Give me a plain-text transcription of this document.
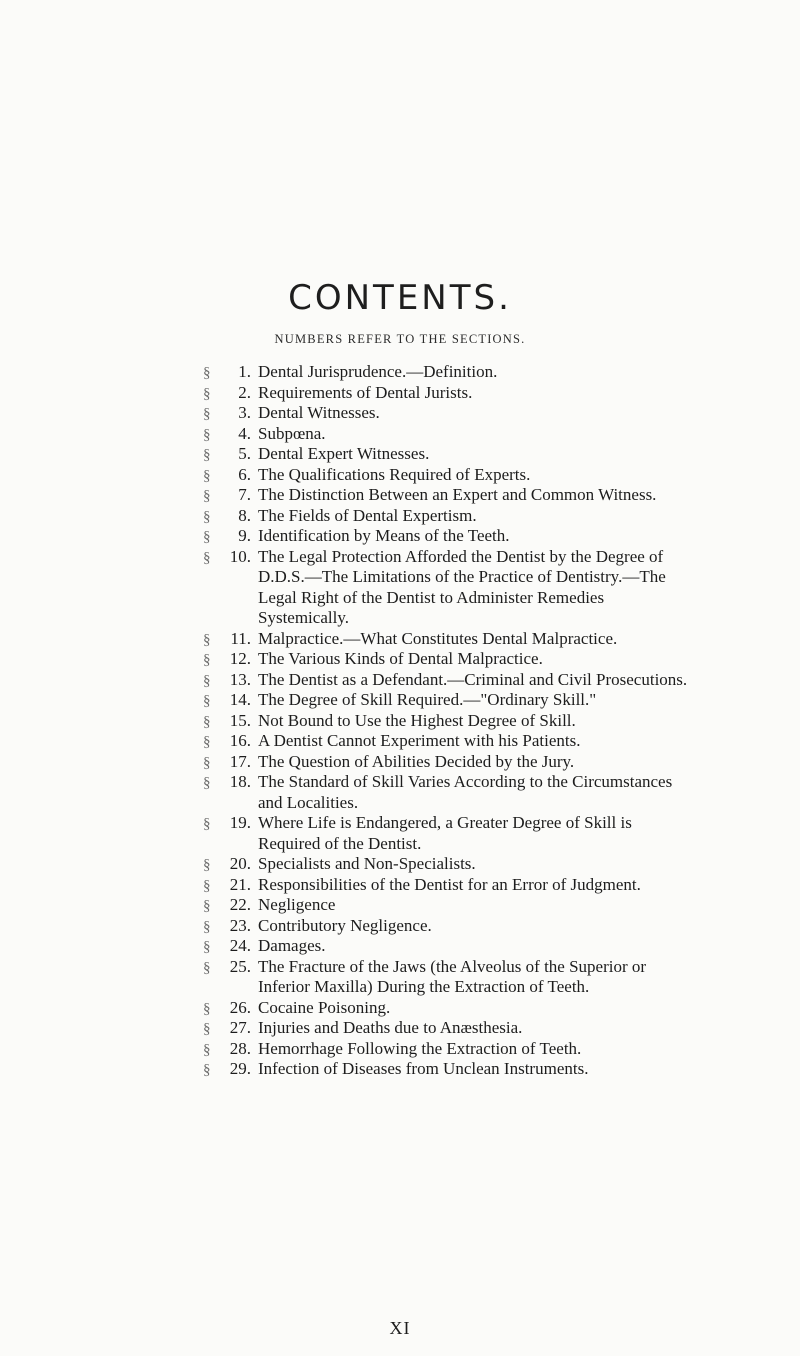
CONTENTS.
NUMBERS REFER TO THE SECTIONS.
§ 1. Dental Jurisprudence.—Definition.
§ 2. Requirements of Dental Jurists.
§ 3. Dental Witnesses.
§ 4. Subpœna.
§ 5. Dental Expert Witnesses.
§ 6. The Qualifications Required of Experts.
§ 7. The Distinction Between an Expert and Common Witness.
§ 8. The Fields of Dental Expertism.
§ 9. Identification by Means of the Teeth.
§ 10. The Legal Protection Afforded the Dentist by the Degree of D.D.S.—The Limitations of the Practice of Dentistry.—The Legal Right of the Dentist to Administer Remedies Systemically.
§ 11. Malpractice.—What Constitutes Dental Malpractice.
§ 12. The Various Kinds of Dental Malpractice.
§ 13. The Dentist as a Defendant.—Criminal and Civil Prosecutions.
§ 14. The Degree of Skill Required.—"Ordinary Skill."
§ 15. Not Bound to Use the Highest Degree of Skill.
§ 16. A Dentist Cannot Experiment with his Patients.
§ 17. The Question of Abilities Decided by the Jury.
§ 18. The Standard of Skill Varies According to the Circumstances and Localities.
§ 19. Where Life is Endangered, a Greater Degree of Skill is Required of the Dentist.
§ 20. Specialists and Non-Specialists.
§ 21. Responsibilities of the Dentist for an Error of Judgment.
§ 22. Negligence
§ 23. Contributory Negligence.
§ 24. Damages.
§ 25. The Fracture of the Jaws (the Alveolus of the Superior or Inferior Maxilla) During the Extraction of Teeth.
§ 26. Cocaine Poisoning.
§ 27. Injuries and Deaths due to Anæsthesia.
§ 28. Hemorrhage Following the Extraction of Teeth.
§ 29. Infection of Diseases from Unclean Instruments.
XI
